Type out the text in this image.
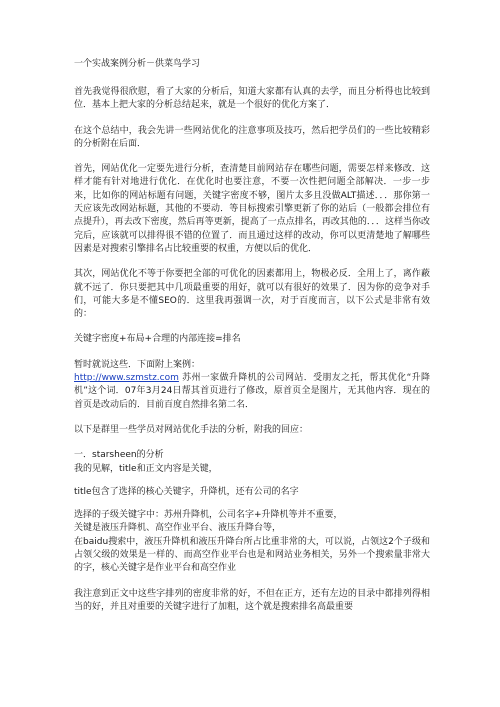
一个实战案例分析－供菜鸟学习
首先我觉得很欣慰，看了大家的分析后，知道大家都有认真的去学，而且分析得也比较到位．基本上把大家的分析总结起来，就是一个很好的优化方案了．
在这个总结中，我会先讲一些网站优化的注意事项及技巧，然后把学员们的一些比较精彩的分析附在后面．
首先，网站优化一定要先进行分析，查清楚目前网站存在哪些问题，需要怎样来修改．这样才能有针对地进行优化．在优化时也要注意，不要一次性把问题全部解决．一步一步来，比如你的网站标题有问题，关键字密度不够，图片太多且没做ALT描述．．．那你第一天应该先改网站标题，其他的不要动．等目标搜索引擎更新了你的站后（一般都会排位有点提升），再去改下密度，然后再等更新，提高了一点点排名，再改其他的．．．这样当你改完后，应该就可以排得很不错的位置了．而且通过这样的改动，你可以更清楚地了解哪些因素是对搜索引擎排名占比较重要的权重，方便以后的优化．
其次，网站优化不等于你要把全部的可优化的因素都用上，物极必反．全用上了，离作蔽就不远了．你只要把其中几项最重要的用好，就可以有很好的效果了．因为你的竞争对手们，可能大多是不懂SEO的．这里我再强调一次，对于百度而言，以下公式是非常有效的：
关键字密度+布局+合理的内部连接=排名

暂时就说这些．下面附上案例：

http://www.szmstz.com 苏州一家做升降机的公司网站．受朋友之托，帮其优化“升降机”这个词．07年3月24日帮其首页进行了修改，原首页全是图片，无其他内容．现在的首页是改动后的．目前百度自然排名第二名．

以下是群里一些学员对网站优化手法的分析，附我的回应：

一．starsheen的分析

我的见解，title和正文内容是关键，

title包含了选择的核心关键字，升降机，还有公司的名字

选择的子级关键字中：苏州升降机，公司名字+升降机等并不重要，

关键是液压升降机、高空作业平台、液压升降台等，

在baidu搜索中，液压升降机和液压升降台所占比重非常的大，可以说，占领这2个子级和占领父级的效果是一样的、而高空作业平台也是和网站业务相关，另外一个搜索量非常大的字，核心关键字是作业平台和高空作业

我注意到正文中这些字排列的密度非常的好，不但在正方，还有左边的目录中都排列得相当的好，并且对重要的关键字进行了加粗，这个就是搜索排名高最重要
